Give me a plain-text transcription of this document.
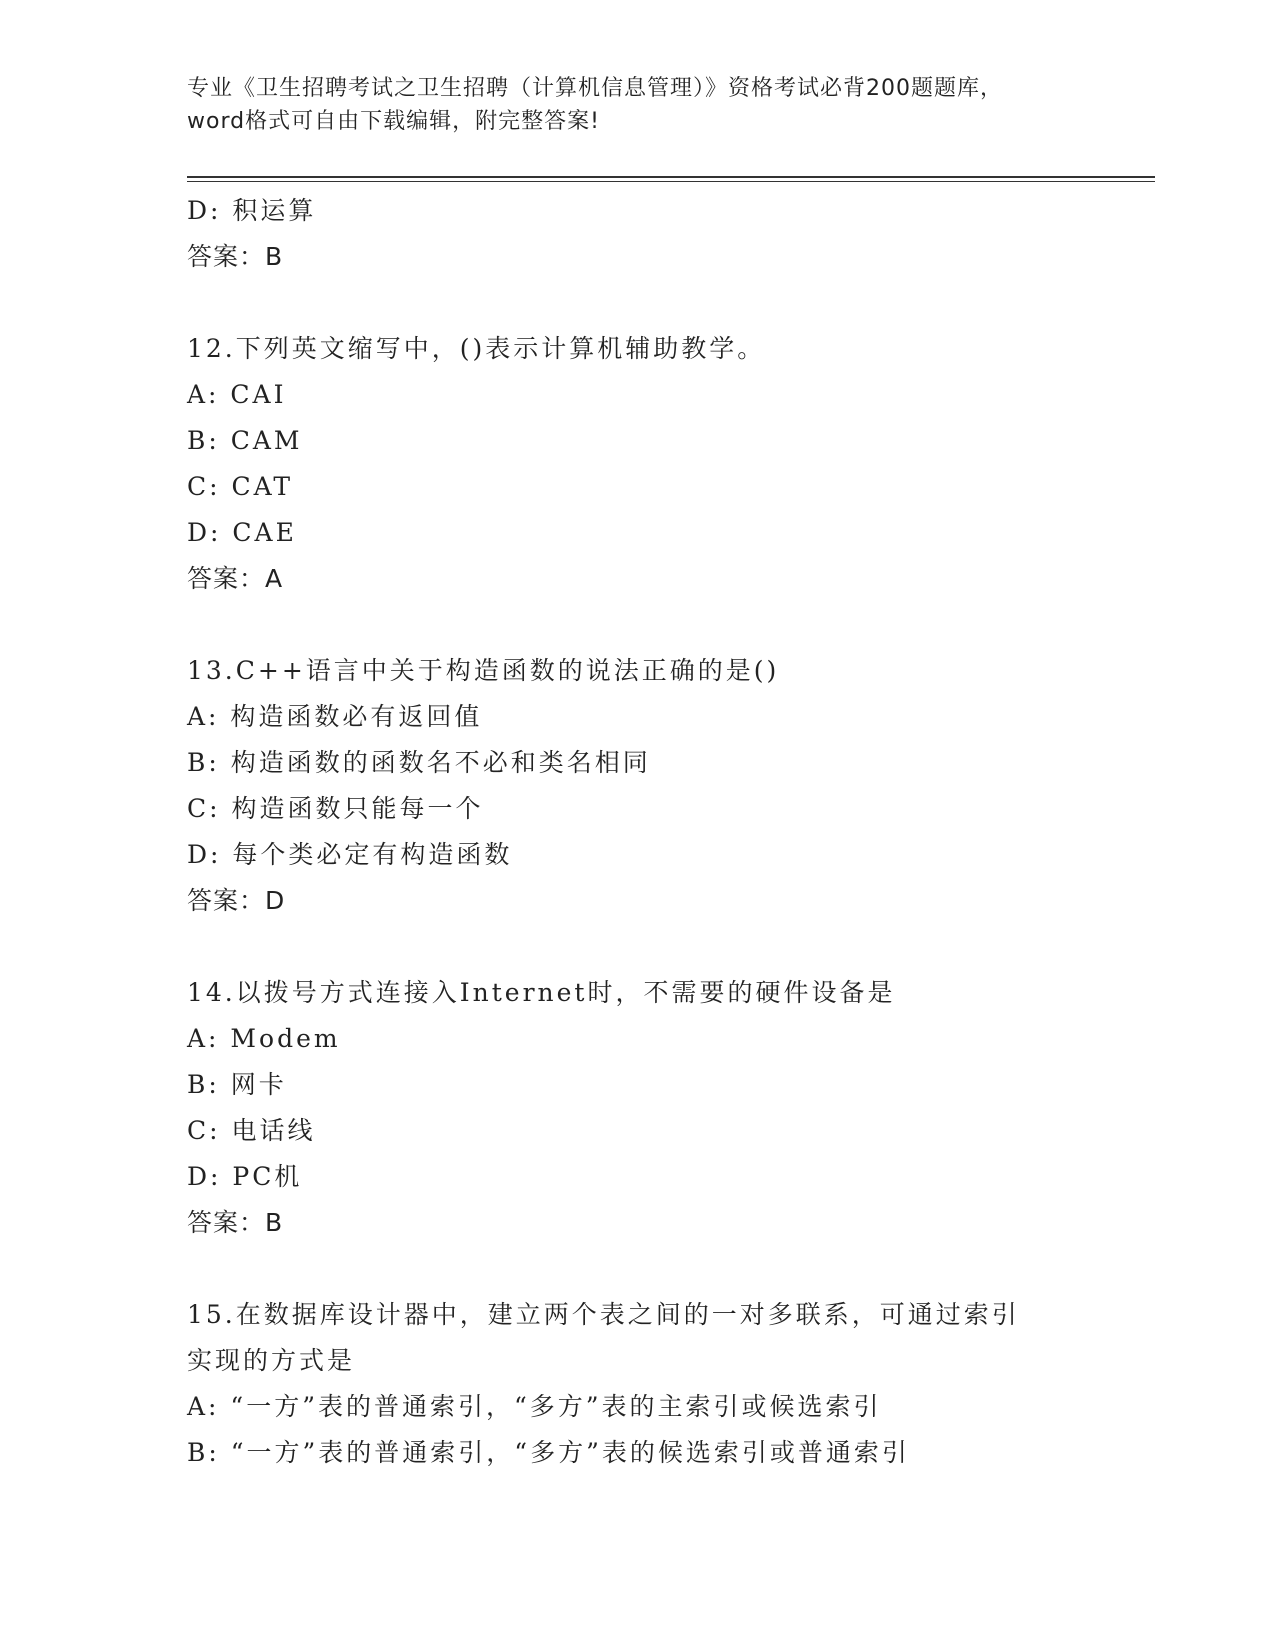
专业《卫生招聘考试之卫生招聘（计算机信息管理）》资格考试必背200题题库，
word格式可自由下载编辑，附完整答案!
D: 积运算
答案：B
12.下列英文缩写中，()表示计算机辅助教学。
A: CAI
B: CAM
C: CAT
D: CAE
答案：A
13.C++语言中关于构造函数的说法正确的是()
A: 构造函数必有返回值
B: 构造函数的函数名不必和类名相同
C: 构造函数只能每一个
D: 每个类必定有构造函数
答案：D
14.以拨号方式连接入Internet时，不需要的硬件设备是
A: Modem
B: 网卡
C: 电话线
D: PC机
答案：B
15.在数据库设计器中，建立两个表之间的一对多联系，可通过索引实现的方式是
A: “一方”表的普通索引，“多方”表的主索引或候选索引
B: “一方”表的普通索引，“多方”表的候选索引或普通索引
